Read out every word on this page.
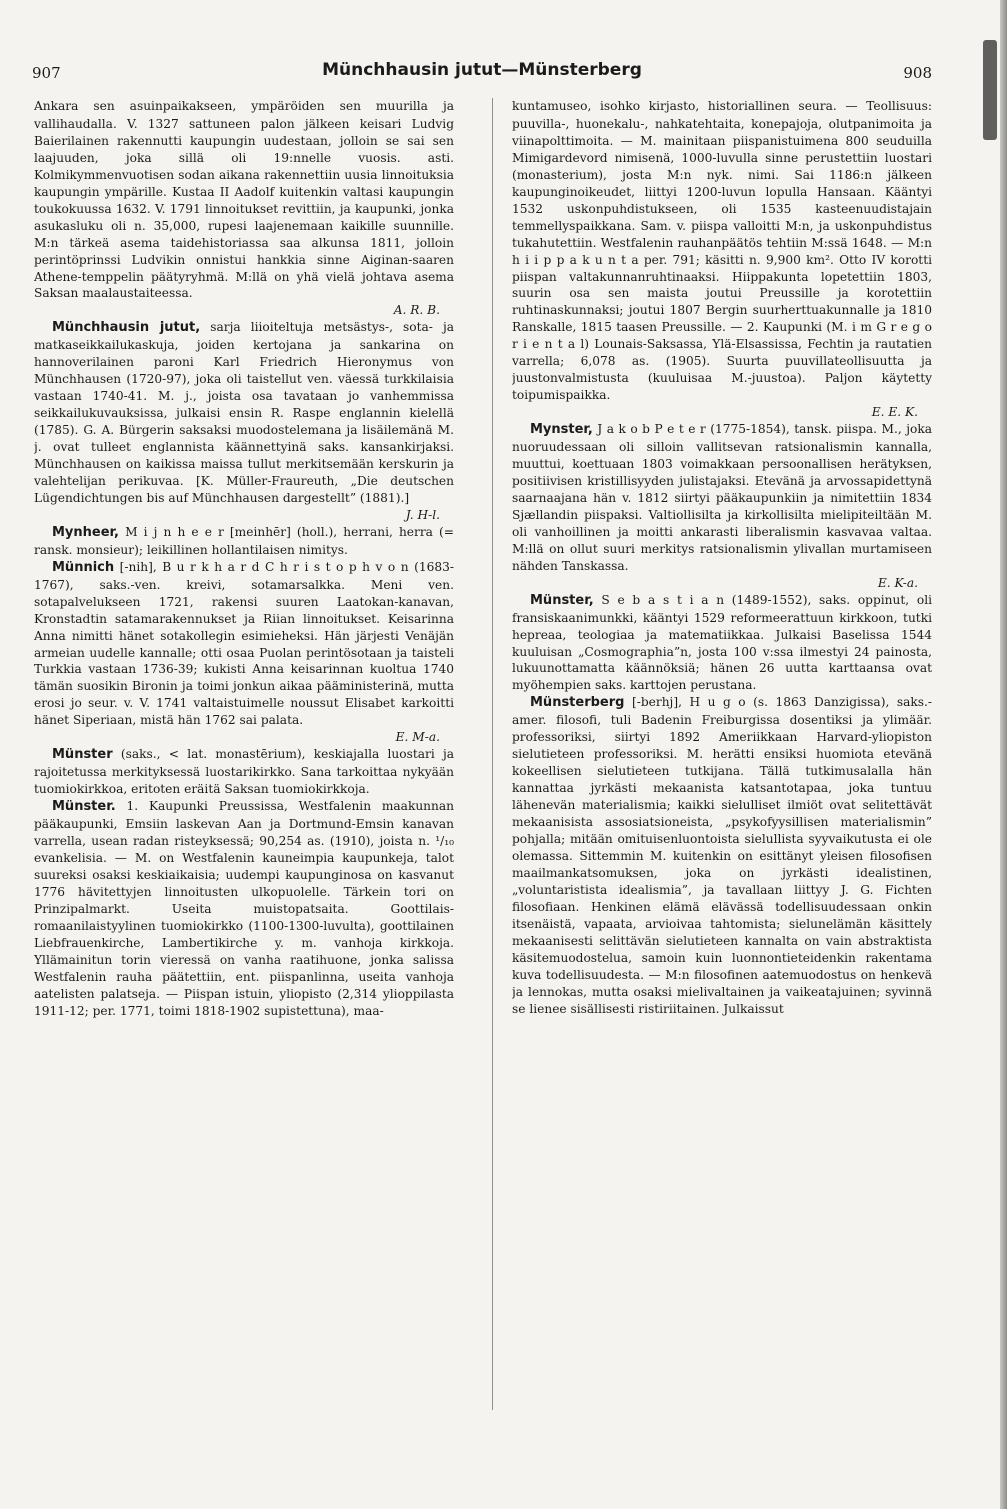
907	Münchhausin jutut—Münsterberg	908

Ankara sen asuinpaikakseen, ympäröiden sen muurilla ja vallihaudalla. V. 1327 sattuneen palon jälkeen keisari Ludvig Baierilainen rakennutti kaupungin uudestaan, jolloin se sai sen laajuuden, joka sillä oli 19:nnelle vuosis. asti. Kolmikymmenvuotisen sodan aikana rakennettiin uusia linnoituksia kaupungin ympärille. Kustaa II Aadolf kuitenkin valtasi kaupungin toukokuussa 1632. V. 1791 linnoitukset revittiin, ja kaupunki, jonka asukasluku oli n. 35,000, rupesi laajenemaan kaikille suunnille. M:n tärkeä asema taidehistoriassa saa alkunsa 1811, jolloin perintöprinssi Ludvikin onnistui hankkia sinne Aiginan-saaren Athene-temppelin päätyryhmä. M:llä on yhä vielä johtava asema Saksan maalaustaiteessa.
A. R. B.

Münchhausin jutut, sarja liioiteltuja metsästys-, sota- ja matkaseikkailukaskuja, joiden kertojana ja sankarina on hannoverilainen paroni Karl Friedrich Hieronymus von Münchhausen (1720-97), joka oli taistellut ven. väessä turkkilaisia vastaan 1740-41. M. j., joista osa tavataan jo vanhemmissa seikkailukuvauksissa, julkaisi ensin R. Raspe englannin kielellä (1785). G. A. Bürgerin saksaksi muodostelemana ja lisäilemänä M. j. ovat tulleet englannista käännettyinä saks. kansankirjaksi. Münchhausen on kaikissa maissa tullut merkitsemään kerskurin ja valehtelijan perikuvaa. [K. Müller-Fraureuth, „Die deutschen Lügendichtungen bis auf Münchhausen dargestellt” (1881).]
J. H-l.

Mynheer, M i j n h e e r [meinhēr] (holl.), herrani, herra (= ransk. monsieur); leikillinen hollantilaisen nimitys.

Münnich [-nih], B u r k h a r d C h r i s t o p h v o n (1683-1767), saks.-ven. kreivi, sotamarsalkka. Meni ven. sotapalvelukseen 1721, rakensi suuren Laatokan-kanavan, Kronstadtin satamarakennukset ja Riian linnoitukset. Keisarinna Anna nimitti hänet sotakollegin esimieheksi. Hän järjesti Venäjän armeian uudelle kannalle; otti osaa Puolan perintösotaan ja taisteli Turkkia vastaan 1736-39; kukisti Anna keisarinnan kuoltua 1740 tämän suosikin Bironin ja toimi jonkun aikaa pääministerinä, mutta erosi jo seur. v. V. 1741 valtaistuimelle noussut Elisabet karkoitti hänet Siperiaan, mistä hän 1762 sai palata.
E. M-a.

Münster (saks., < lat. monastērium), keskiajalla luostari ja rajoitetussa merkityksessä luostarikirkko. Sana tarkoittaa nykyään tuomiokirkkoa, eritoten eräitä Saksan tuomiokirkkoja.

Münster. 1. Kaupunki Preussissa, Westfalenin maakunnan pääkaupunki, Emsiin laskevan Aan ja Dortmund-Emsin kanavan varrella, usean radan risteyksessä; 90,254 as. (1910), joista n. ¹/₁₀ evankelisia. — M. on Westfalenin kauneimpia kaupunkeja, talot suureksi osaksi keskiaikaisia; uudempi kaupunginosa on kasvanut 1776 hävitettyjen linnoitusten ulkopuolelle. Tärkein tori on Prinzipalmarkt. Useita muistopatsaita. Goottilais-romaanilaistyylinen tuomiokirkko (1100-1300-luvulta), goottilainen Liebfrauenkirche, Lambertikirche y. m. vanhoja kirkkoja. Yllämainitun torin vieressä on vanha raatihuone, jonka salissa Westfalenin rauha päätettiin, ent. piispanlinna, useita vanhoja aatelisten palatseja. — Piispan istuin, yliopisto (2,314 ylioppilasta 1911-12; per. 1771, toimi 1818-1902 supistettuna), maa-

kuntamuseo, isohko kirjasto, historiallinen seura. — Teollisuus: puuvilla-, huonekalu-, nahkatehtaita, konepajoja, olutpanimoita ja viinapolttimoita. — M. mainitaan piispanistuimena 800 seuduilla Mimigardevord nimisenä, 1000-luvulla sinne perustettiin luostari (monasterium), josta M:n nyk. nimi. Sai 1186:n jälkeen kaupunginoikeudet, liittyi 1200-luvun lopulla Hansaan. Kääntyi 1532 uskonpuhdistukseen, oli 1535 kasteenuudistajain temmellyspaikkana. Sam. v. piispa valloitti M:n, ja uskonpuhdistus tukahutettiin. Westfalenin rauhanpäätös tehtiin M:ssä 1648. — M:n h i i p p a k u n t a per. 791; käsitti n. 9,900 km². Otto IV korotti piispan valtakunnanruhtinaaksi. Hiippakunta lopetettiin 1803, suurin osa sen maista joutui Preussille ja korotettiin ruhtinaskunnaksi; joutui 1807 Bergin suurherttuakunnalle ja 1810 Ranskalle, 1815 taasen Preussille. — 2. Kaupunki (M. i m G r e g o r i e n t a l) Lounais-Saksassa, Ylä-Elsassissa, Fechtin ja rautatien varrella; 6,078 as. (1905). Suurta puuvillateollisuutta ja juustonvalmistusta (kuuluisaa M.-juustoa). Paljon käytetty toipumispaikka.
E. E. K.

Mynster, J a k o b P e t e r (1775-1854), tansk. piispa. M., joka nuoruudessaan oli silloin vallitsevan ratsionalismin kannalla, muuttui, koettuaan 1803 voimakkaan persoonallisen herätyksen, positiivisen kristillisyyden julistajaksi. Etevänä ja arvossapidettynä saarnaajana hän v. 1812 siirtyi pääkaupunkiin ja nimitettiin 1834 Sjællandin piispaksi. Valtiollisilta ja kirkollisilta mielipiteiltään M. oli vanhoillinen ja moitti ankarasti liberalismin kasvavaa valtaa. M:llä on ollut suuri merkitys ratsionalismin ylivallan murtamiseen nähden Tanskassa.
E. K-a.

Münster, S e b a s t i a n (1489-1552), saks. oppinut, oli fransiskaanimunkki, kääntyi 1529 reformeerattuun kirkkoon, tutki hepreaa, teologiaa ja matematiikkaa. Julkaisi Baselissa 1544 kuuluisan „Cosmographia”n, josta 100 v:ssa ilmestyi 24 painosta, lukuunottamatta käännöksiä; hänen 26 uutta karttaansa ovat myöhempien saks. karttojen perustana.

Münsterberg [-berhj], H u g o (s. 1863 Danzigissa), saks.-amer. filosofi, tuli Badenin Freiburgissa dosentiksi ja ylimäär. professoriksi, siirtyi 1892 Ameriikkaan Harvard-yliopiston sielutieteen professoriksi. M. herätti ensiksi huomiota etevänä kokeellisen sielutieteen tutkijana. Tällä tutkimusalalla hän kannattaa jyrkästi mekaanista katsantotapaa, joka tuntuu lähenevän materialismia; kaikki sielulliset ilmiöt ovat selitettävät mekaanisista assosiatsioneista, „psykofyysillisen materialismin” pohjalla; mitään omituisenluontoista sielullista syyvaikutusta ei ole olemassa. Sittemmin M. kuitenkin on esittänyt yleisen filosofisen maailmankatsomuksen, joka on jyrkästi idealistinen, „voluntaristista idealismia”, ja tavallaan liittyy J. G. Fichten filosofiaan. Henkinen elämä elävässä todellisuudessaan onkin itsenäistä, vapaata, arvioivaa tahtomista; sielunelämän käsittely mekaanisesti selittävän sielutieteen kannalta on vain abstraktista käsitemuodostelua, samoin kuin luonnontieteidenkin rakentama kuva todellisuudesta. — M:n filosofinen aatemuodostus on henkevä ja lennokas, mutta osaksi mielivaltainen ja vaikeatajuinen; syvinnä se lienee sisällisesti ristiriitainen. Julkaissut
